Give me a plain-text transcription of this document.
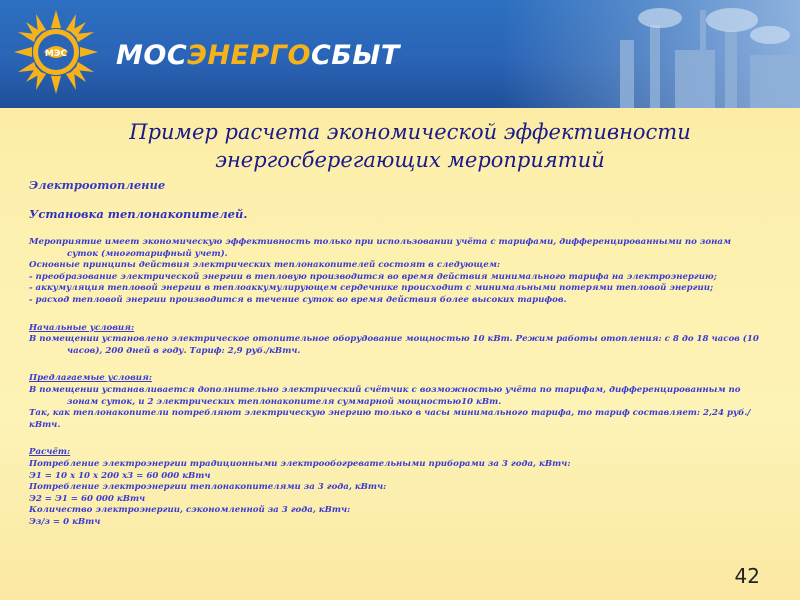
МЭС МОСЭНЕРГОСБЫТ
Пример расчета экономической эффективности
энергосберегающих мероприятий
Электроотопление
Установка теплонакопителей.

Мероприятие имеет экономическую эффективность только при использовании учёта с тарифами, дифференцированными по зонам суток (многотарифный учет).

Основные принципы действия электрических теплонакопителей состоят в следующем:

- преобразование электрической энергии в тепловую производится во время действия минимального тарифа на электроэнергию;

- аккумуляция тепловой энергии в теплоаккумулирующем сердечнике происходит с минимальными потерями тепловой энергии;

- расход тепловой энергии производится в течение суток во время действия более высоких тарифов.

Начальные условия:

В помещении установлено электрическое отопительное оборудование мощностью 10 кВт. Режим работы отопления: с 8 до 18 часов (10 часов), 200 дней в году. Тариф: 2,9 руб./кВтч.

Предлагаемые условия:

В помещении устанавливается дополнительно электрический счётчик с возможностью учёта по тарифам, дифференцированным по зонам суток, и 2 электрических теплонакопителя суммарной мощностью10 кВт.

Так, как теплонакопители потребляют электрическую энергию только в часы минимального тарифа, то тариф составляет: 2,24 руб./кВтч.

Расчёт:

Потребление электроэнергии традиционными электрообогревательными приборами за 3 года, кВтч:

Э1 = 10 х 10 х 200 х3 = 60 000 кВтч

Потребление электроэнергии теплонакопителями за 3 года, кВтч:

Э2 = Э1 = 60 000 кВтч

Количество электроэнергии, сэкономленной за 3 года, кВтч:

Эз/з = 0 кВтч

42
